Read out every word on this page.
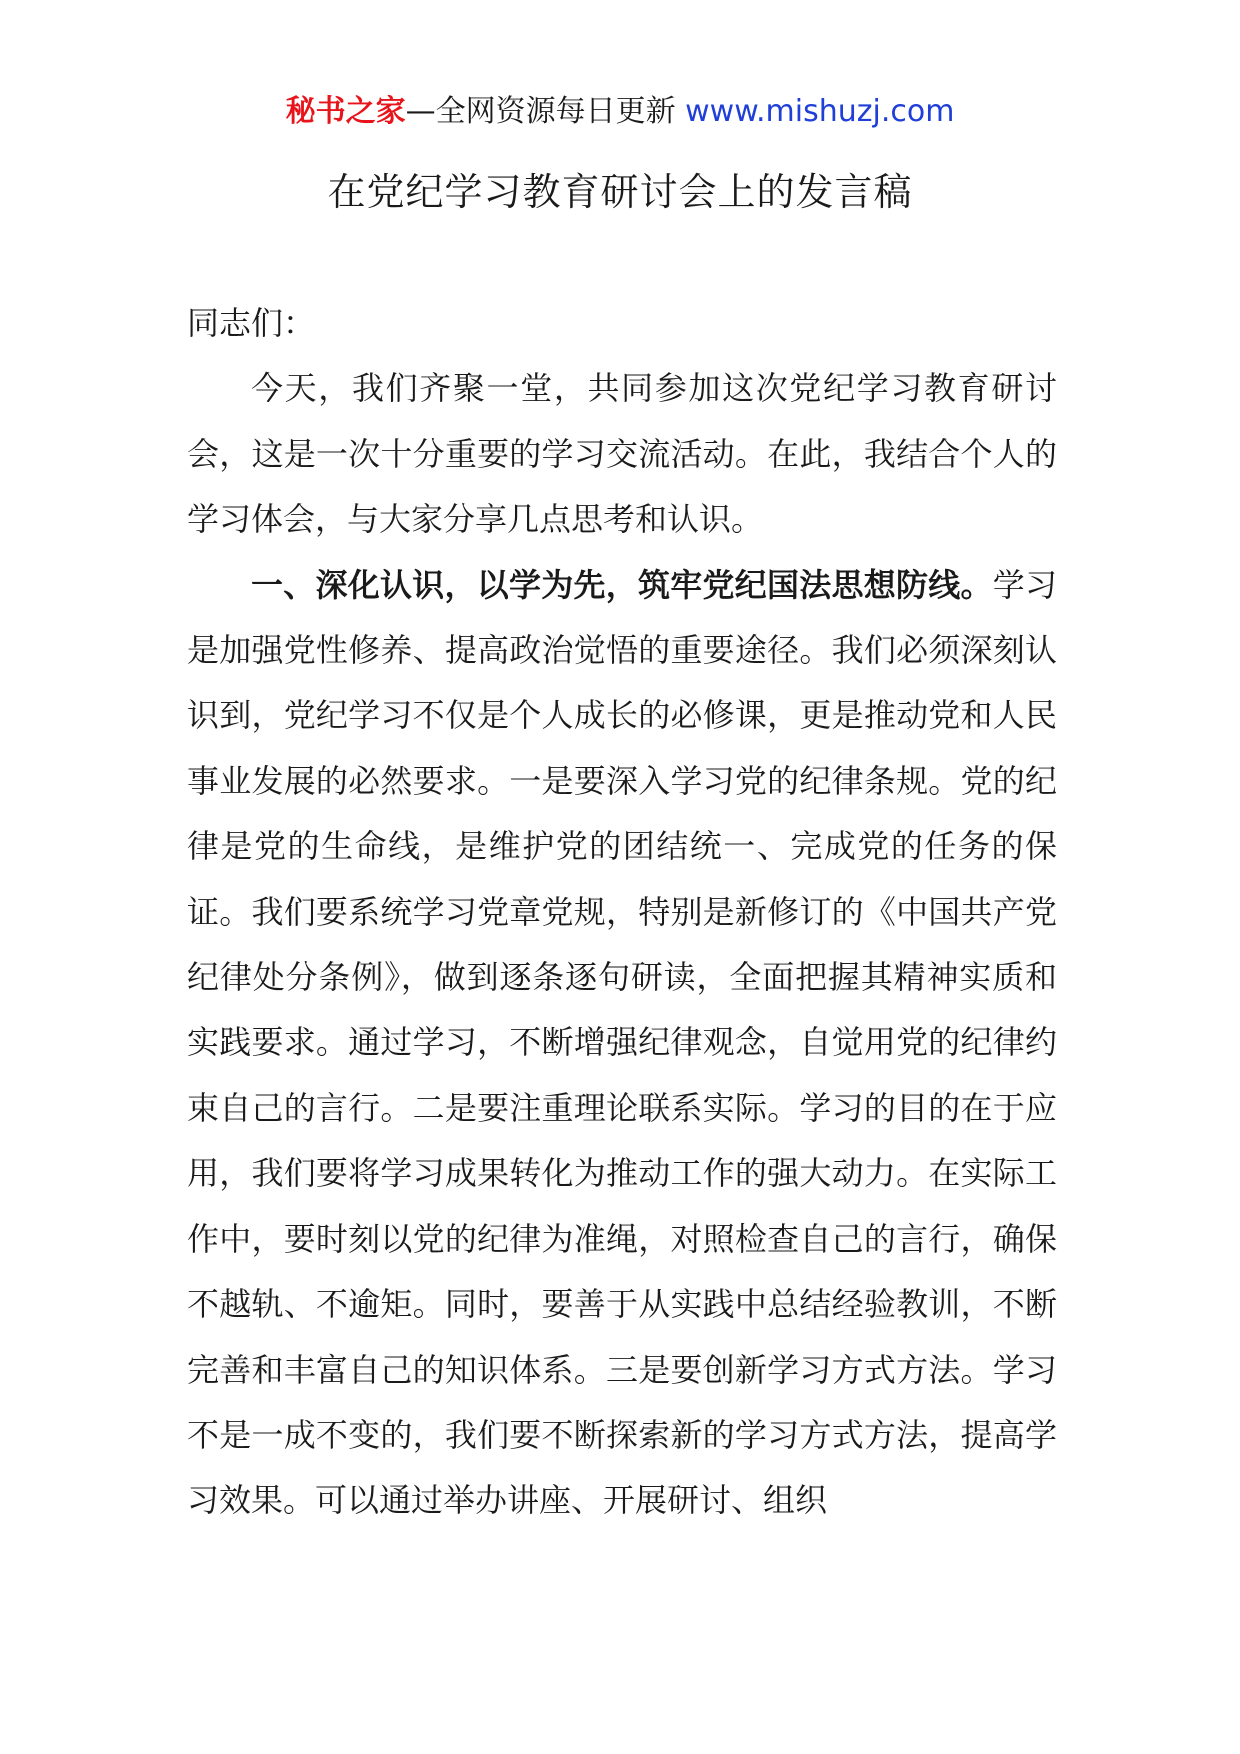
秘书之家—全网资源每日更新 www.mishuzj.com
在党纪学习教育研讨会上的发言稿

同志们：

今天，我们齐聚一堂，共同参加这次党纪学习教育研讨会，这是一次十分重要的学习交流活动。在此，我结合个人的学习体会，与大家分享几点思考和认识。

一、深化认识，以学为先，筑牢党纪国法思想防线。学习是加强党性修养、提高政治觉悟的重要途径。我们必须深刻认识到，党纪学习不仅是个人成长的必修课，更是推动党和人民事业发展的必然要求。一是要深入学习党的纪律条规。党的纪律是党的生命线，是维护党的团结统一、完成党的任务的保证。我们要系统学习党章党规，特别是新修订的《中国共产党纪律处分条例》，做到逐条逐句研读，全面把握其精神实质和实践要求。通过学习，不断增强纪律观念，自觉用党的纪律约束自己的言行。二是要注重理论联系实际。学习的目的在于应用，我们要将学习成果转化为推动工作的强大动力。在实际工作中，要时刻以党的纪律为准绳，对照检查自己的言行，确保不越轨、不逾矩。同时，要善于从实践中总结经验教训，不断完善和丰富自己的知识体系。三是要创新学习方式方法。学习不是一成不变的，我们要不断探索新的学习方式方法，提高学习效果。可以通过举办讲座、开展研讨、组织
